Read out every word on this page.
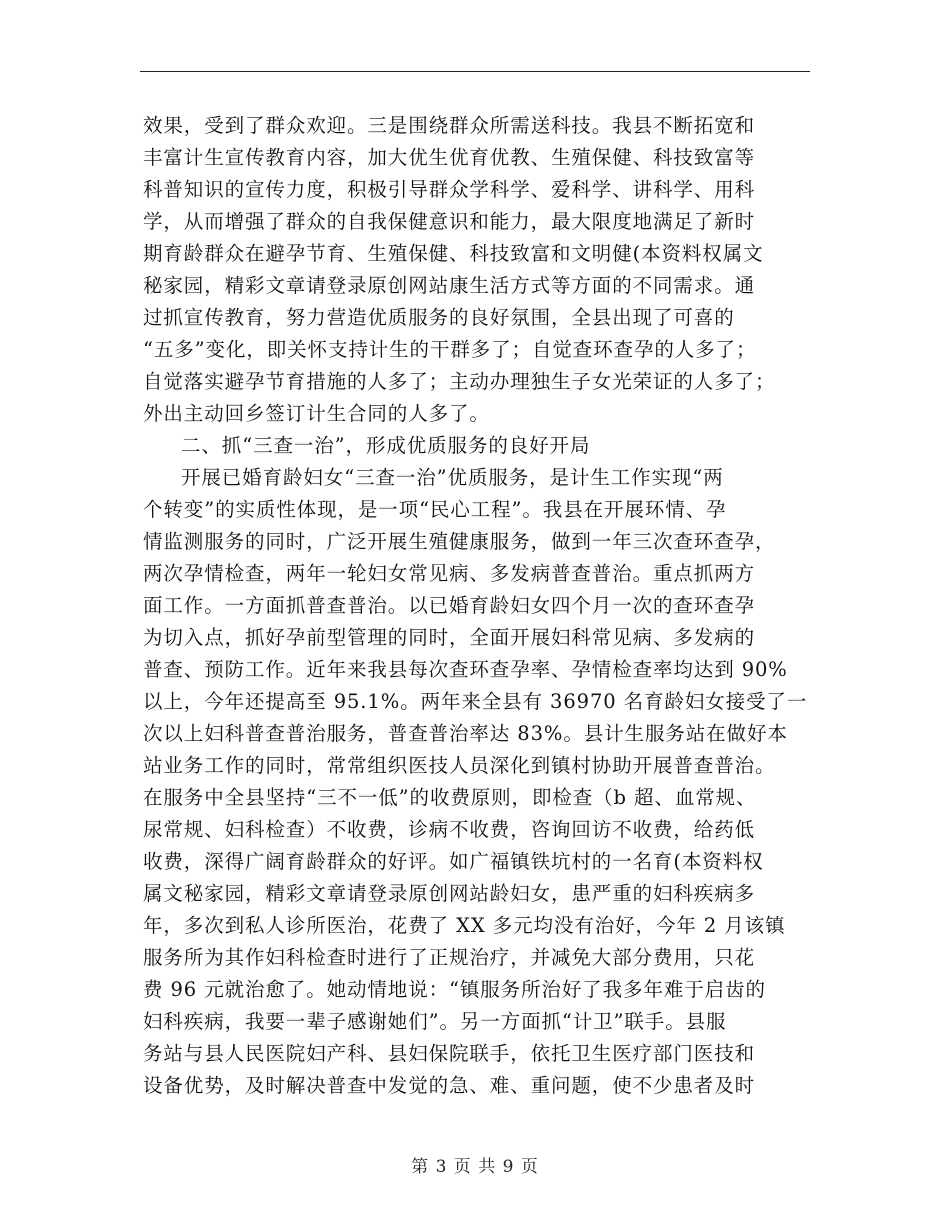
效果，受到了群众欢迎。三是围绕群众所需送科技。我县不断拓宽和
丰富计生宣传教育内容，加大优生优育优教、生殖保健、科技致富等
科普知识的宣传力度，积极引导群众学科学、爱科学、讲科学、用科
学，从而增强了群众的自我保健意识和能力，最大限度地满足了新时
期育龄群众在避孕节育、生殖保健、科技致富和文明健(本资料权属文
秘家园，精彩文章请登录原创网站康生活方式等方面的不同需求。通
过抓宣传教育，努力营造优质服务的良好氛围，全县出现了可喜的
“五多”变化，即关怀支持计生的干群多了；自觉查环查孕的人多了；
自觉落实避孕节育措施的人多了；主动办理独生子女光荣证的人多了；
外出主动回乡签订计生合同的人多了。
二、抓“三查一治”，形成优质服务的良好开局
开展已婚育龄妇女“三查一治”优质服务，是计生工作实现“两
个转变”的实质性体现，是一项“民心工程”。我县在开展环情、孕
情监测服务的同时，广泛开展生殖健康服务，做到一年三次查环查孕，
两次孕情检查，两年一轮妇女常见病、多发病普查普治。重点抓两方
面工作。一方面抓普查普治。以已婚育龄妇女四个月一次的查环查孕
为切入点，抓好孕前型管理的同时，全面开展妇科常见病、多发病的
普查、预防工作。近年来我县每次查环查孕率、孕情检查率均达到 90%
以上，今年还提高至 95.1%。两年来全县有 36970 名育龄妇女接受了一
次以上妇科普查普治服务，普查普治率达 83%。县计生服务站在做好本
站业务工作的同时，常常组织医技人员深化到镇村协助开展普查普治。
在服务中全县坚持“三不一低”的收费原则，即检查（b 超、血常规、
尿常规、妇科检查）不收费，诊病不收费，咨询回访不收费，给药低
收费，深得广阔育龄群众的好评。如广福镇铁坑村的一名育(本资料权
属文秘家园，精彩文章请登录原创网站龄妇女，患严重的妇科疾病多
年，多次到私人诊所医治，花费了 XX 多元均没有治好，今年 2 月该镇
服务所为其作妇科检查时进行了正规治疗，并减免大部分费用，只花
费 96 元就治愈了。她动情地说：“镇服务所治好了我多年难于启齿的
妇科疾病，我要一辈子感谢她们”。另一方面抓“计卫”联手。县服
务站与县人民医院妇产科、县妇保院联手，依托卫生医疗部门医技和
设备优势，及时解决普查中发觉的急、难、重问题，使不少患者及时
第 3 页 共 9 页
